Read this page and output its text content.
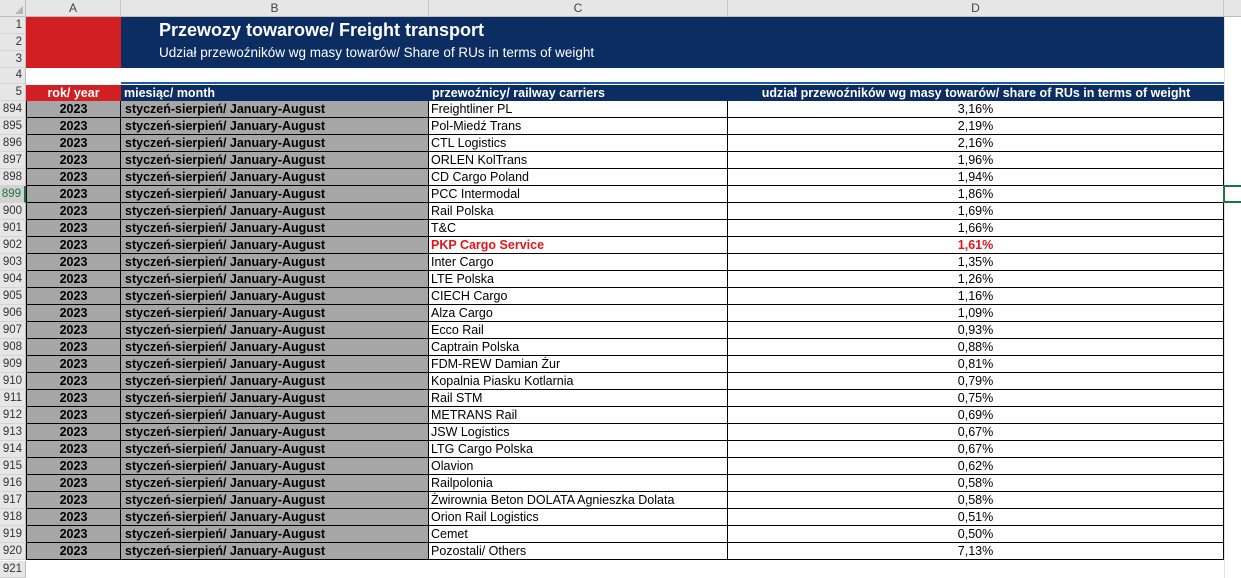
A	B	C	D
1
2
3
4
5
Przewozy towarowe/ Freight transport
Udział przewoźników wg masy towarów/ Share of RUs in terms of weight
rok/ year	miesiąc/ month	przewoźnicy/ railway carriers	udział przewoźników wg masy towarów/ share of RUs in terms of weight
894	2023	styczeń-sierpień/ January-August	Freightliner PL	3,16%
895	2023	styczeń-sierpień/ January-August	Pol-Miedź Trans	2,19%
896	2023	styczeń-sierpień/ January-August	CTL Logistics	2,16%
897	2023	styczeń-sierpień/ January-August	ORLEN KolTrans	1,96%
898	2023	styczeń-sierpień/ January-August	CD Cargo Poland	1,94%
899	2023	styczeń-sierpień/ January-August	PCC Intermodal	1,86%
900	2023	styczeń-sierpień/ January-August	Rail Polska	1,69%
901	2023	styczeń-sierpień/ January-August	T&C	1,66%
902	2023	styczeń-sierpień/ January-August	PKP Cargo Service	1,61%
903	2023	styczeń-sierpień/ January-August	Inter Cargo	1,35%
904	2023	styczeń-sierpień/ January-August	LTE Polska	1,26%
905	2023	styczeń-sierpień/ January-August	CIECH Cargo	1,16%
906	2023	styczeń-sierpień/ January-August	Alza Cargo	1,09%
907	2023	styczeń-sierpień/ January-August	Ecco Rail	0,93%
908	2023	styczeń-sierpień/ January-August	Captrain Polska	0,88%
909	2023	styczeń-sierpień/ January-August	FDM-REW Damian Żur	0,81%
910	2023	styczeń-sierpień/ January-August	Kopalnia Piasku Kotlarnia	0,79%
911	2023	styczeń-sierpień/ January-August	Rail STM	0,75%
912	2023	styczeń-sierpień/ January-August	METRANS Rail	0,69%
913	2023	styczeń-sierpień/ January-August	JSW Logistics	0,67%
914	2023	styczeń-sierpień/ January-August	LTG Cargo Polska	0,67%
915	2023	styczeń-sierpień/ January-August	Olavion	0,62%
916	2023	styczeń-sierpień/ January-August	Railpolonia	0,58%
917	2023	styczeń-sierpień/ January-August	Żwirownia Beton DOLATA Agnieszka Dolata	0,58%
918	2023	styczeń-sierpień/ January-August	Orion Rail Logistics	0,51%
919	2023	styczeń-sierpień/ January-August	Cemet	0,50%
920	2023	styczeń-sierpień/ January-August	Pozostali/ Others	7,13%
921
